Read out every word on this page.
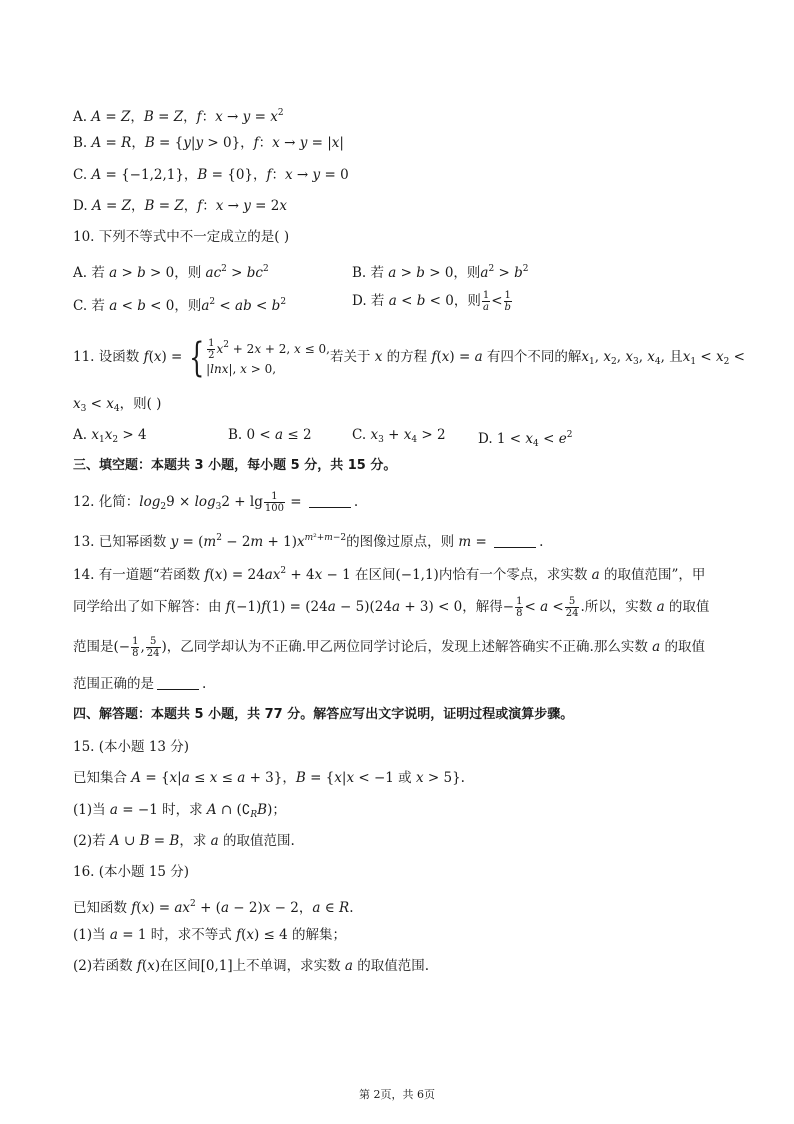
A. A = Z，B = Z，f：$x \to y = x^2$
B. A = R，B = {y|y > 0}，f：x → y = |x|
C. A = {−1,2,1}，B = {0}，f：x → y = 0
D. A = Z，B = Z，f：x → y = 2x
10. 下列不等式中不一定成立的是( )
A. 若 a > b > 0，则 $ac^2 > bc^2$	B. 若 a > b > 0，则$a^2 > b^2$
C. 若 a < b < 0，则$a^2$ < ab < $b^2$	D. 若 a < b < 0，则 $\frac{1}{a} < \frac{1}{b}$
11. 设函数 f(x) = { $\frac{1}{2} x^2 + 2x + 2$, x ≤ 0,
|lnx|, x > 0,若关于 x 的方程 f(x) = a 有四个不同的解$x_1$, $x_2$, $x_3$, $x_4$, 且$x_1 < x_2$ <
$x_3 < x_4$，则( )
A. $x_1x_2 > 4$	B. 0 < a ≤ 2	C. $x_3 + x_4 > 2$ D. $1 < x_4 < e^2$
三、填空题：本题共 3 小题，每小题 5 分，共 15 分。
12. 化简：$\log_29 \times \log_32 + \lg \frac{1}{100}$ =	.
13. 已知幂函数 $y = (m^2 - 2m + 1)x^{m^2+m-2}$的图像过原点，则 m =	.
14. 有一道题“若函数 $f(x) = 24ax^2 + 4x - 1$ 在区间(−1,1)内恰有一个零点，求实数 a 的取值范围”，甲
同学给出了如下解答：由 f(−1)f(1) = (24a − 5)(24a + 3) < 0，解得− $\frac{1}{8} < a < \frac{5}{24}$ .所以，实数 a 的取值
范围是(− $\frac{1}{8}$ , $\frac{5}{24}$ )，乙同学却认为不正确.甲乙两位同学讨论后，发现上述解答确实不正确.那么实数 a 的取值
范围正确的是	.
四、解答题：本题共 5 小题，共 77 分。解答应写出文字说明，证明过程或演算步骤。
15. (本小题 13 分)
已知集合 A = {x|a ≤ x ≤ a + 3}，B = {x|x < −1 或 x > 5}.
(1)当 a = −1 时，求 A ∩ $(∁_RB)$；
(2)若 A ∪ B = B，求 a 的取值范围.
16. (本小题 15 分)
已知函数 $f(x) = ax^2 + (a - 2)x - 2$，a ∈ R.
(1)当 a = 1 时，求不等式 f(x) ≤ 4 的解集；
(2)若函数 f(x)在区间[0,1]上不单调，求实数 a 的取值范围.
第 2页，共 6页
